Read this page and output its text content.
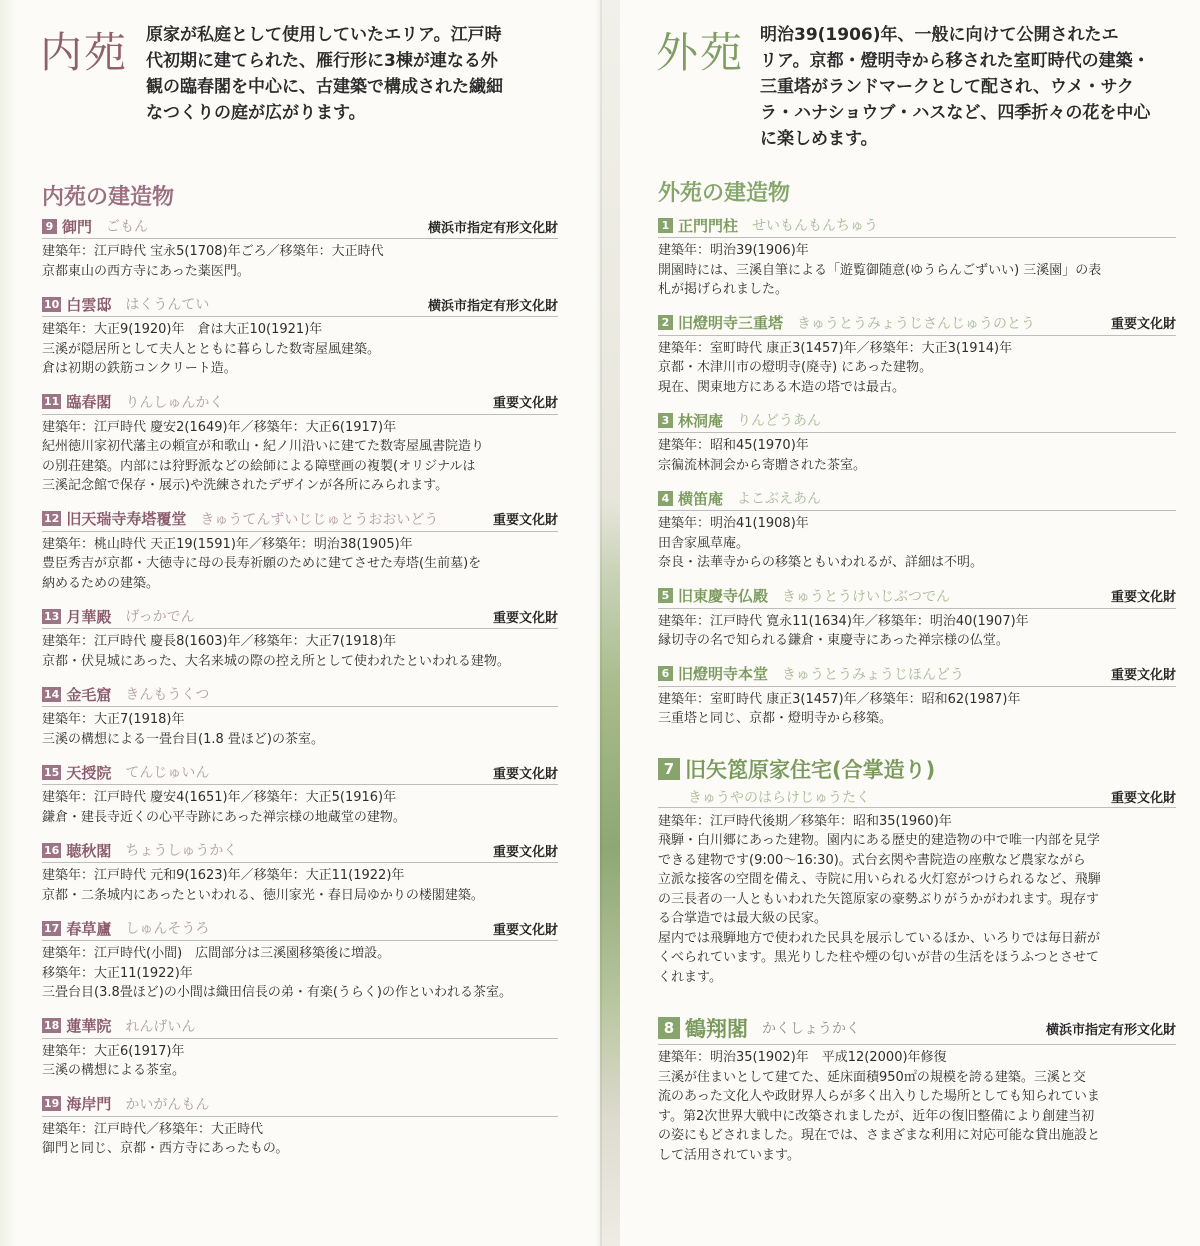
内苑 原家が私庭として使用していたエリア。江戸時
代初期に建てられた、雁行形に3棟が連なる外
観の臨春閣を中心に、古建築で構成された繊細
なつくりの庭が広がります。
内苑の建造物
9 御門 ごもん	横浜市指定有形文化財
建築年：江戸時代 宝永5(1708)年ごろ／移築年：大正時代
京都東山の西方寺にあった薬医門。
10 白雲邸 はくうんてい	横浜市指定有形文化財
建築年：大正9(1920)年　倉は大正10(1921)年
三溪が隠居所として夫人とともに暮らした数寄屋風建築。
倉は初期の鉄筋コンクリート造。
11 臨春閣 りんしゅんかく	重要文化財
建築年：江戸時代 慶安2(1649)年／移築年：大正6(1917)年
紀州徳川家初代藩主の頼宣が和歌山・紀ノ川沿いに建てた数寄屋風書院造り
の別荘建築。内部には狩野派などの絵師による障壁画の複製(オリジナルは
三溪記念館で保存・展示)や洗練されたデザインが各所にみられます。
12 旧天瑞寺寿塔覆堂 きゅうてんずいじじゅとうおおいどう	重要文化財
建築年：桃山時代 天正19(1591)年／移築年：明治38(1905)年
豊臣秀吉が京都・大徳寺に母の長寿祈願のために建てさせた寿塔(生前墓)を
納めるための建築。
13 月華殿 げっかでん	重要文化財
建築年：江戸時代 慶長8(1603)年／移築年：大正7(1918)年
京都・伏見城にあった、大名来城の際の控え所として使われたといわれる建物。
14 金毛窟 きんもうくつ
建築年：大正7(1918)年
三溪の構想による一畳台目(1.8 畳ほど)の茶室。
15 天授院 てんじゅいん	重要文化財
建築年：江戸時代 慶安4(1651)年／移築年：大正5(1916)年
鎌倉・建長寺近くの心平寺跡にあった禅宗様の地蔵堂の建物。
16 聴秋閣 ちょうしゅうかく	重要文化財
建築年：江戸時代 元和9(1623)年／移築年：大正11(1922)年
京都・二条城内にあったといわれる、徳川家光・春日局ゆかりの楼閣建築。
17 春草廬 しゅんそうろ	重要文化財
建築年：江戸時代(小間)　広間部分は三溪園移築後に増設。
移築年：大正11(1922)年
三畳台目(3.8畳ほど)の小間は織田信長の弟・有楽(うらく)の作といわれる茶室。
18 蓮華院 れんげいん
建築年：大正6(1917)年
三溪の構想による茶室。
19 海岸門 かいがんもん
建築年：江戸時代／移築年：大正時代
御門と同じ、京都・西方寺にあったもの。
外苑 明治39(1906)年、一般に向けて公開されたエ
リア。京都・燈明寺から移された室町時代の建築・
三重塔がランドマークとして配され、ウメ・サク
ラ・ハナショウブ・ハスなど、四季折々の花を中心
に楽しめます。
外苑の建造物
1 正門門柱 せいもんもんちゅう
建築年：明治39(1906)年
開園時には、三溪自筆による「遊覧御随意(ゆうらんごずいい) 三溪園」の表
札が掲げられました。
2 旧燈明寺三重塔 きゅうとうみょうじさんじゅうのとう	重要文化財
建築年：室町時代 康正3(1457)年／移築年：大正3(1914)年
京都・木津川市の燈明寺(廃寺) にあった建物。
現在、関東地方にある木造の塔では最古。
3 林洞庵 りんどうあん
建築年：昭和45(1970)年
宗徧流林洞会から寄贈された茶室。
4 横笛庵 よこぶえあん
建築年：明治41(1908)年
田舎家風草庵。
奈良・法華寺からの移築ともいわれるが、詳細は不明。
5 旧東慶寺仏殿 きゅうとうけいじぶつでん	重要文化財
建築年：江戸時代 寛永11(1634)年／移築年：明治40(1907)年
縁切寺の名で知られる鎌倉・東慶寺にあった禅宗様の仏堂。
6 旧燈明寺本堂 きゅうとうみょうじほんどう	重要文化財
建築年：室町時代 康正3(1457)年／移築年：昭和62(1987)年
三重塔と同じ、京都・燈明寺から移築。
7 旧矢箆原家住宅(合掌造り)
きゅうやのはらけじゅうたく	重要文化財
建築年：江戸時代後期／移築年：昭和35(1960)年
飛騨・白川郷にあった建物。園内にある歴史的建造物の中で唯一内部を見学
できる建物です(9:00〜16:30)。式台玄関や書院造の座敷など農家ながら
立派な接客の空間を備え、寺院に用いられる火灯窓がつけられるなど、飛騨
の三長者の一人ともいわれた矢箆原家の豪勢ぶりがうかがわれます。現存す
る合掌造では最大級の民家。
屋内では飛騨地方で使われた民具を展示しているほか、いろりでは毎日薪が
くべられています。黒光りした柱や煙の匂いが昔の生活をほうふつとさせて
くれます。
8 鶴翔閣 かくしょうかく	横浜市指定有形文化財
建築年：明治35(1902)年　平成12(2000)年修復
三溪が住まいとして建てた、延床面積950㎡の規模を誇る建築。三溪と交
流のあった文化人や政財界人らが多く出入りした場所としても知られていま
す。第2次世界大戦中に改築されましたが、近年の復旧整備により創建当初
の姿にもどされました。現在では、さまざまな利用に対応可能な貸出施設と
して活用されています。
